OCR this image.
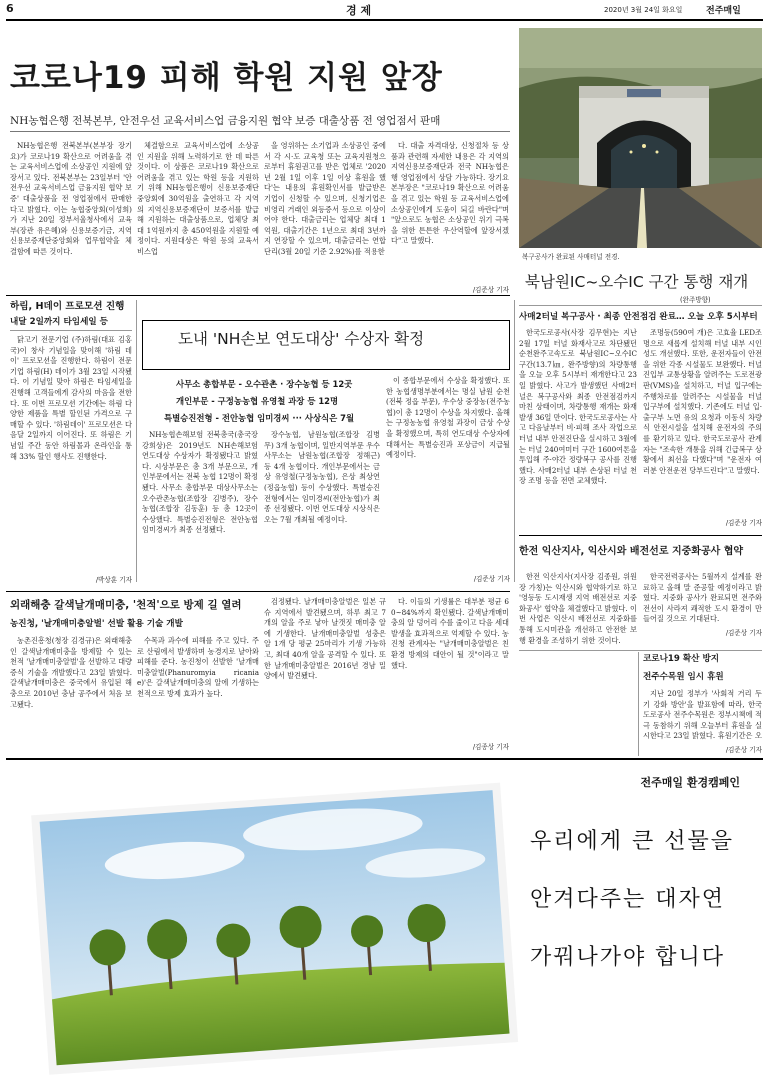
6	경 제	2020년 3월 24일 화요일	전주매일
코로나19 피해 학원 지원 앞장
NH농협은행 전북본부, 안전우선 교육서비스업 금융지원 협약 보증 대출상품 전 영업점서 판매

NH농협은행 전북본부(본부장 장기요)가 코로나19 확산으로 어려움을 겪는 교육서비스업에 소상공인 지원에 앞장서고 있다. 전북본부는 23일부터 '안전우선 교육서비스업 금융지원 협약 보증' 대출상품을 전 영업점에서 판매한다고 밝혔다. 이는 농협중앙회(이성희)가 지난 20일 정부서울청사에서 교육부(장관 유은혜)와 신용보증기금, 지역신용보증재단중앙회와 업무협약을 체결함에 따른 것이다.

체결함으로 교육서비스업에 소상공인 지원을 위해 노력하기로 한 데 따른 것이다. 이 상품은 코로나19 확산으로 어려움을 겪고 있는 학원 등을 지원하기 위해 NH농협은행이 신용보증재단중앙회에 30억원을 출연하고 각 지역의 지역신용보증재단이 보증서를 발급해 지원하는 대출상품으로, 업체당 최대 1억원까지 총 450억원을 지원할 예정이다. 지원대상은 학원 등의 교육서비스업

을 영위하는 소기업과 소상공인 중에서 각 시·도 교육청 또는 교육지원청으로부터 휴원권고를 받은 업체로 '2020년 2월 1일 이후 1일 이상 휴원을 했다'는 내용의 휴원확인서를 발급받은 기업이 신청할 수 있으며, 신청기업은 비영리 거래인 외등증서 등으로 이상이어야 한다. 대출금리는 업체당 최대 1억원, 대출기간은 1년으로 최대 3년까지 연장할 수 있으며, 대출금리는 연합단리(3월 20일 기준 2.92%)를 적용한

다. 대출 자격대상, 신청절차 등 상품과 관련해 자세한 내용은 각 지역의 지역신용보증재단과 전국 NH농협은행 영업점에서 상담 가능하다. 장기요 본부장은 "코로나19 확산으로 어려움을 겪고 있는 학원 등 교육서비스업에 소상공인에게 도움이 되길 바란다"며 "앞으로도 농협은 소상공인 위기 극복을 위한 튼튼한 우산역할에 앞장서겠다"고 말했다.

/김준상 기자
복구공사가 완료된 사매터널 전경.
북남원IC~오수IC 구간 통행 재개
(완주방향)
사매2터널 복구공사 · 최종 안전점검 완료… 오늘 오후 5시부터

한국도로공사(사장 김무현)는 지난 2월 17일 터널 화재사고로 차단됐던 순천완주고속도로 북남원IC~오수IC 구간(13.7㎞, 완주방향)의 차량통행을 오늘 오후 5시부터 재개한다고 23일 밝혔다. 사고가 발생했던 사매2터널은 복구공사와 최종 안전점검까지 마친 상태이며, 차량통행 재개는 화재 발생 36일 만이다. 한국도로공사는 사고 다음날부터 비·피해 조사 작업으로 터널 내부 안전진단을 실시하고 3월에는 터널 240여미터 구간 1600여톤을 투입해 주·야간 정량복구 공사를 진행했다. 사매2터널 내부 손상된 터널 천장 조명 등을 전면 교체했다.

조명등(590여 개)은 고효율 LED조명으로 새롭게 설치해 터널 내부 시인성도 개선했다. 또한, 운전자들이 안전을 위한 각종 시설물도 보완했다. 터널 진입부 교통상황을 알려주는 도로전광판(VMS)을 설치하고, 터널 입구에는 주행차로를 알려주는 시설물을 터널 입구부에 설치했다. 기존에도 터널 입·출구부 노면 유의 요청과 이동식 차량식 안전시설을 설치해 운전자의 주의를 환기하고 있다. 한국도로공사 관계자는 "조속한 개통을 위해 긴급복구 상황에서 최선을 다했다"며 "운전자 여러분 안전운전 당부드린다"고 말했다.

/김준상 기자
한전 익산지사, 익산시와 배전선로 지중화공사 협약

한전 익산지사(지사장 김종원, 위원장 가칭)는 익산시와 협약하기로 하고 '영등동 도시재생 지역 배전선로 지중화공사' 협약을 체결했다고 밝혔다. 이번 사업은 익산시 배전선로 지중화를 통해 도시미관을 개선하고 안전한 보행 환경을 조성하기 위한 것이다.

한국전력공사는 5월까지 설계를 완료하고 올해 말 준공할 예정이라고 밝혔다. 지중화 공사가 완료되면 전주와 전선이 사라져 쾌적한 도시 환경이 만들어질 것으로 기대된다.

/김준상 기자
코로나19 확산 방지
전주수목원 임시 휴원

지난 20일 정부가 '사회적 거리 두기 강화 방안'을 발표함에 따라, 한국도로공사 전주수목원은 정부시책에 적극 동참하기 위해 오늘부터 휴원을 실시한다고 23일 밝혔다. 휴원기간은 오

/김준상 기자
하림, H데이 프로모션 진행
내달 2일까지 타임세일 등

닭고기 전문기업 (주)하림(대표 김홍국)이 창사 기념일을 맞이해 '하림 데이' 프로모션을 진행한다. 하림이 전문기업 하림(H) 데이가 3월 23일 시작됐다. 이 기념일 맞아 하림은 타임세일을 진행해 고객들에게 감사의 마음을 전한다. 또 이번 프로모션 기간에는 하림 다양한 제품을 특별 할인된 가격으로 구매할 수 있다. '하림데이' 프로모션은 다음달 2일까지 이어진다. 또 하림은 기념일 주간 동안 하림몰과 온라인을 통해 33% 할인 행사도 진행한다.

/박상훈 기자
도내 'NH손보 연도대상' 수상자 확정
사무소 총합부문 - 오수관촌 · 장수농협 등 12곳
개인부문 - 구정농농협 유영철 과장 등 12명
특별승진전형 - 전안농협 임미경씨 ··· 사상식은 7월

NH농협손해보험 전북총국(총국장 강희상)은 2019년도 NH손해보험 연도대상 수상자가 확정됐다고 밝혔다. 시상부문은 총 3개 부문으로, 개인부문에서는 전북 농협 12명이 확정됐다. 사무소 총합부문 대상사무소는 오수관촌농협(조합장 김병주), 장수농협(조합장 김동훈) 등 총 12곳이 수상했다. 특별승진전형은 전안농협 임미경씨가 최종 선정됐다.

장수농협, 남원농협(조합장 김병무) 3개 농협이며, 일반지역부문 우수사무소는 남원농협(조합장 정해근) 등 4개 농협이다. 개인부문에서는 금상 유영철(구정농농협), 은상 최상연(정읍농협) 등이 수상했다. 특별승진전형에서는 임미경씨(전안농협)가 최종 선정됐다. 이번 연도대상 시상식은 오는 7월 개최될 예정이다.

이 종합부문에서 수상을 확정했다. 또한 농협생명부분에서는 명실 남원 순천(전북 정읍 부문), 우수상 중장농(전주농협)이 총 12명이 수상을 차지했다. 올해는 구정농농협 유영철 과장이 금상 수상을 확정했으며, 특히 연도대상 수상자에 대해서는 특별승진과 포상금이 지급될 예정이다.

/김준상 기자
외래해충 갈색날개매미충, '천적'으로 방제 길 열려
농진청, '날개매미충알벌' 선발 활용 기술 개발

농촌진흥청(청장 김경규)은 외래해충인 갈색날개매미충을 방제할 수 있는 천적 '날개매미충알벌'을 선발하고 대량 증식 기술을 개발했다고 23일 밝혔다. 갈색날개매미충은 중국에서 유입된 해충으로 2010년 충남 공주에서 처음 보고됐다.

수목과 과수에 피해를 주고 있다. 주로 산림에서 발생하며 농경지로 날아와 피해를 준다. 농진청이 선발한 '날개매미충알벌(Phanuromyia ricaniae)'은 갈색날개매미충의 알에 기생하는 천적으로 방제 효과가 높다.

검정됐다. 날개매미충알벌은 일본 규슈 지역에서 발견됐으며, 하루 최고 7개의 알을 주로 낳아 날갯짓 매미충 알에 기생한다. 날개매미충알벌 성충은 알 1개 당 평균 25마리가 기생 가능하고, 최대 40개 알을 공격할 수 있다. 또한 날개매미충알벌은 2016년 경남 밀양에서 발견됐다.

다. 이들의 기생률은 대부분 평균 60~84%까지 확인됐다. 갈색날개매미충의 알 덩어리 수를 줄이고 다음 세대 발생을 효과적으로 억제할 수 있다. 농진청 관계자는 "날개매미충알벌은 친환경 방제의 대안이 될 것"이라고 말했다.

/김종상 기자
전주매일 환경캠페인
우리에게 큰 선물을
안겨다주는 대자연
가꿔나가야 합니다
